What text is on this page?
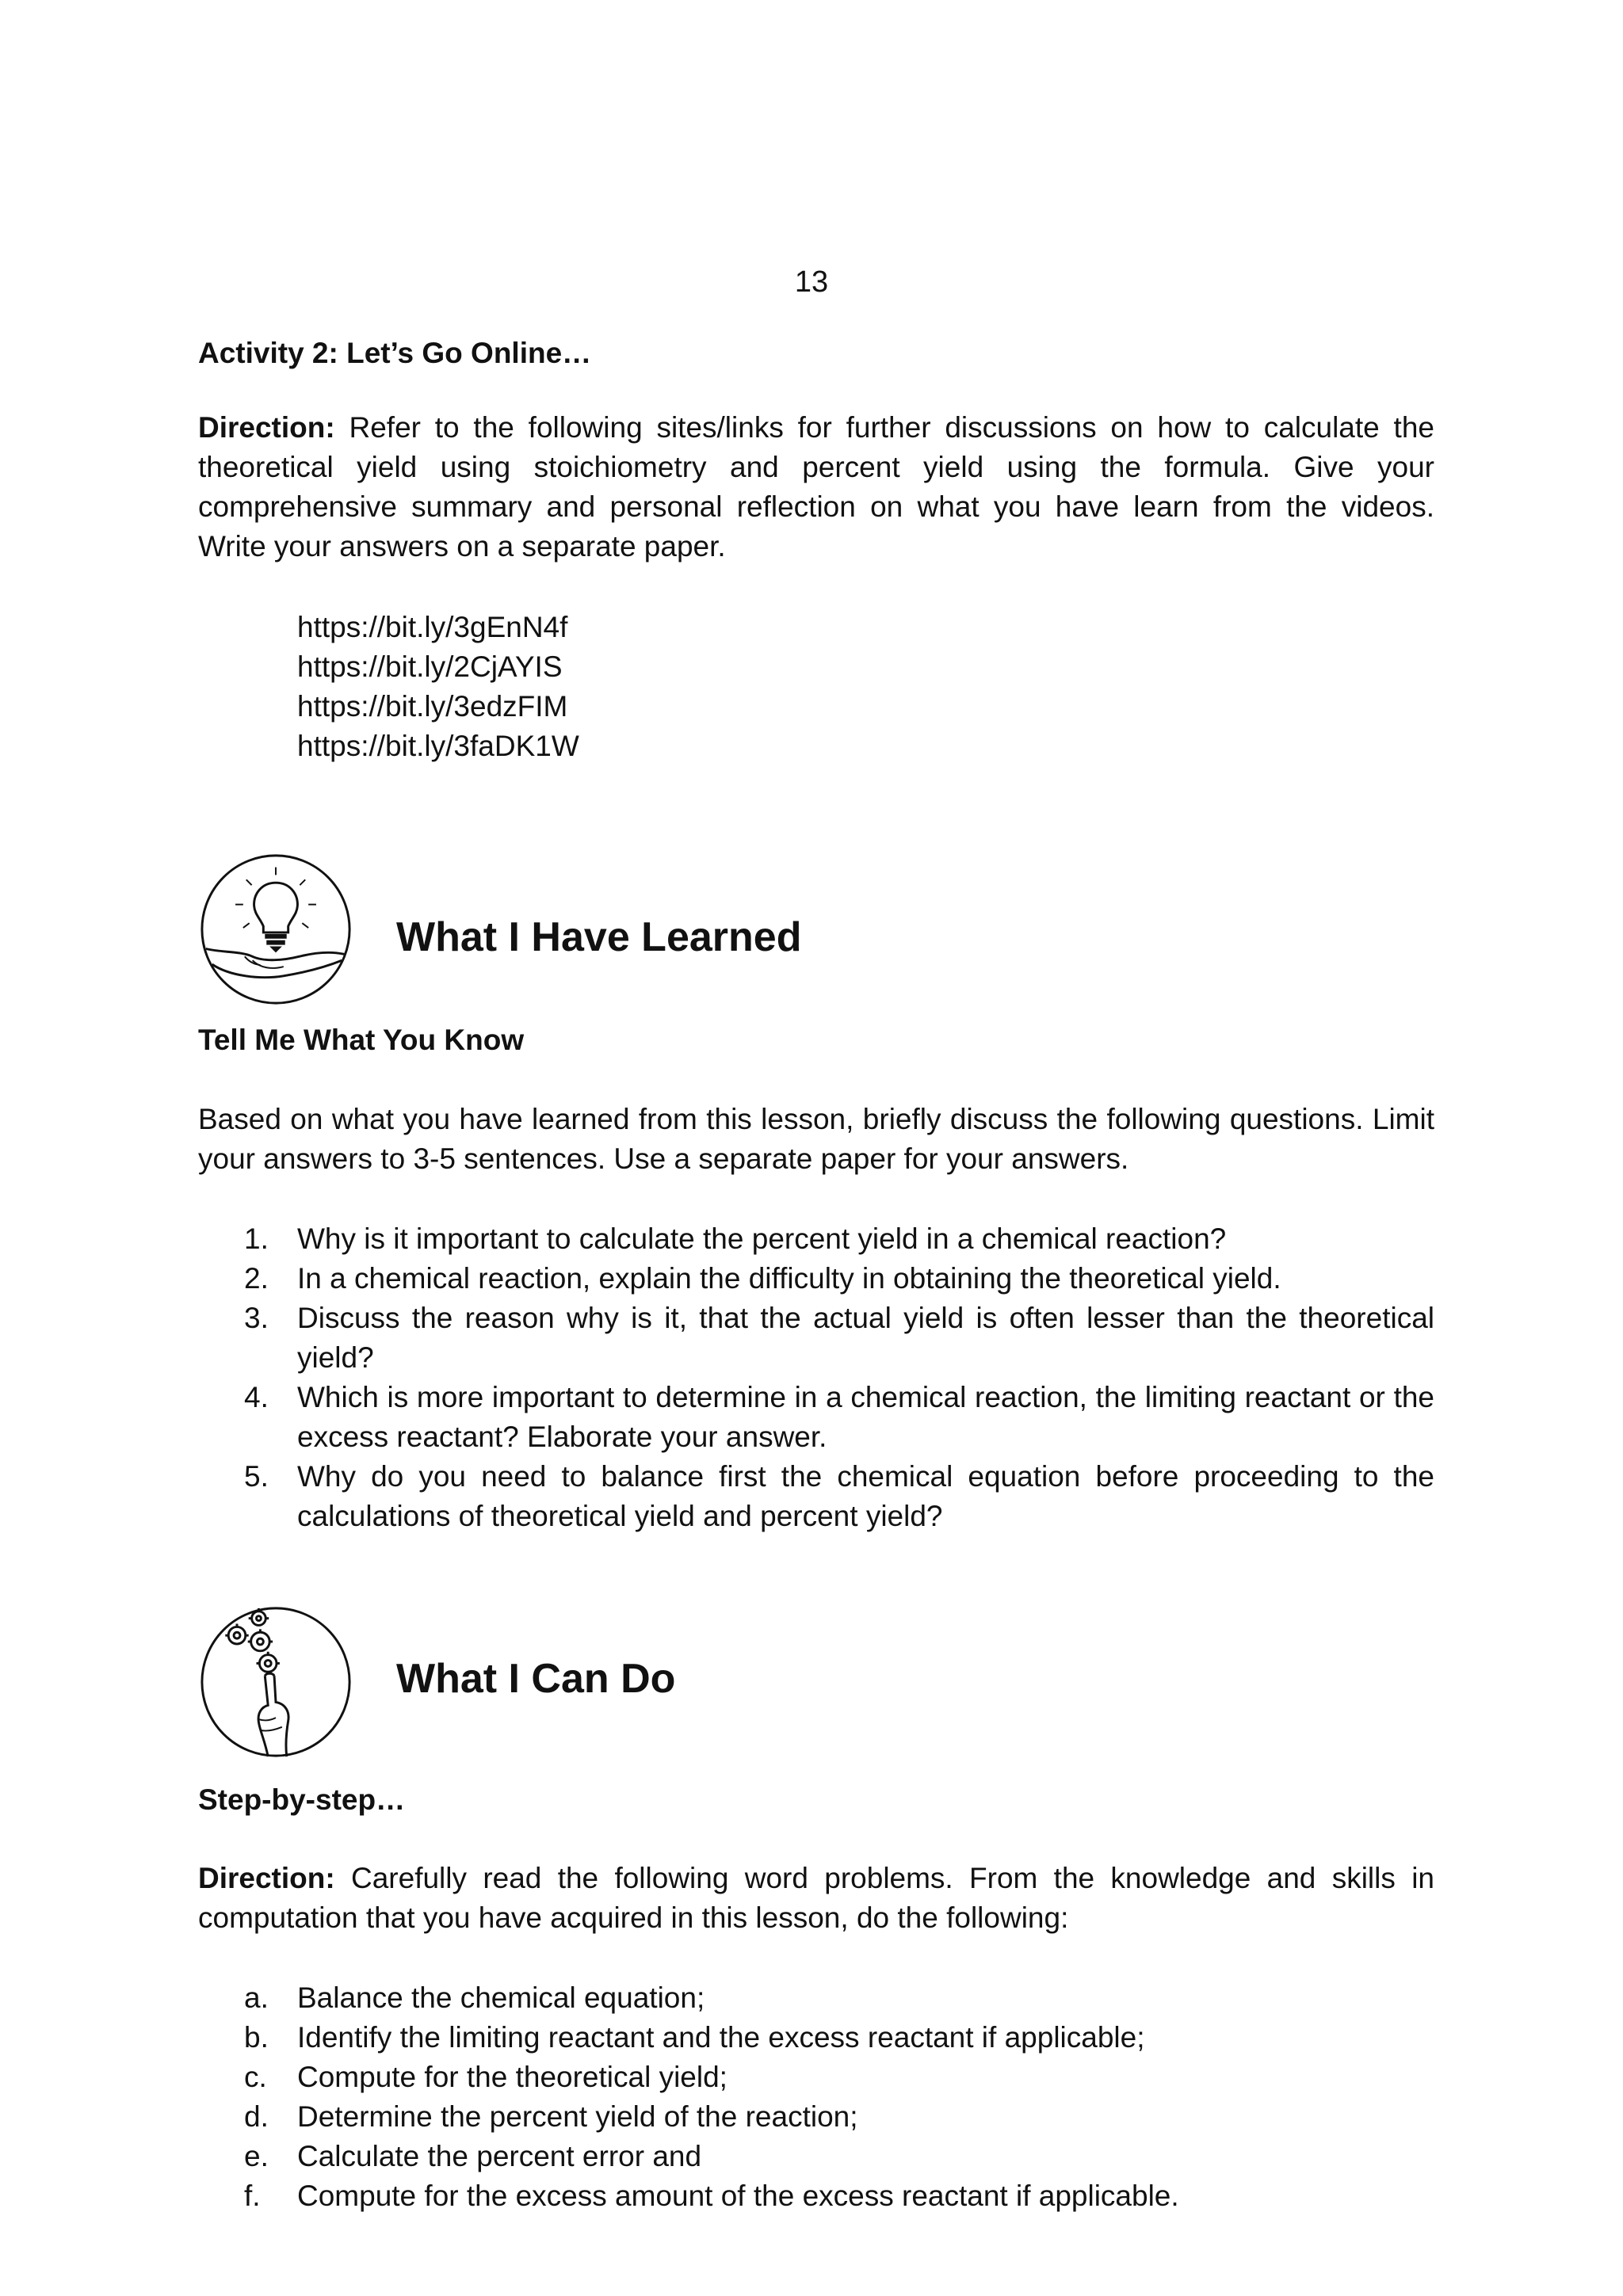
13

Activity 2: Let’s Go Online…

Direction: Refer to the following sites/links for further discussions on how to calculate the theoretical yield using stoichiometry and percent yield using the formula. Give your comprehensive summary and personal reflection on what you have learn from the videos. Write your answers on a separate paper.

https://bit.ly/3gEnN4f
https://bit.ly/2CjAYIS
https://bit.ly/3edzFIM
https://bit.ly/3faDK1W
What I Have Learned

Tell Me What You Know

Based on what you have learned from this lesson, briefly discuss the following questions. Limit your answers to 3-5 sentences. Use a separate paper for your answers.

1. Why is it important to calculate the percent yield in a chemical reaction?
2. In a chemical reaction, explain the difficulty in obtaining the theoretical yield.
3. Discuss the reason why is it, that the actual yield is often lesser than the theoretical yield?
4. Which is more important to determine in a chemical reaction, the limiting reactant or the excess reactant? Elaborate your answer.
5. Why do you need to balance first the chemical equation before proceeding to the calculations of theoretical yield and percent yield?
What I Can Do

Step-by-step…

Direction: Carefully read the following word problems. From the knowledge and skills in computation that you have acquired in this lesson, do the following:

a. Balance the chemical equation;
b. Identify the limiting reactant and the excess reactant if applicable;
c. Compute for the theoretical yield;
d. Determine the percent yield of the reaction;
e. Calculate the percent error and
f. Compute for the excess amount of the excess reactant if applicable.
